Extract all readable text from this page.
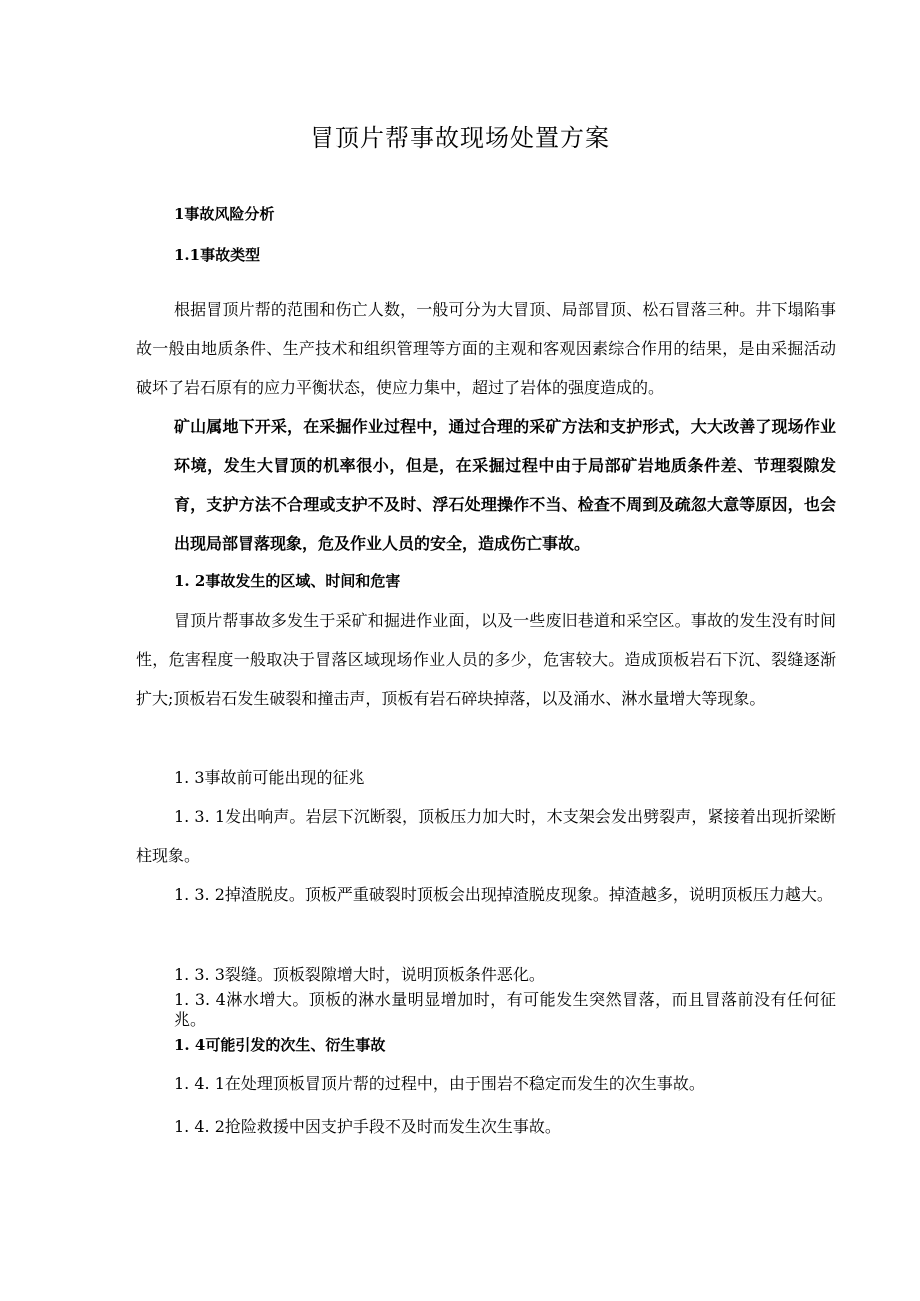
冒顶片帮事故现场处置方案
1事故风险分析
1.1事故类型
根据冒顶片帮的范围和伤亡人数，一般可分为大冒顶、局部冒顶、松石冒落三种。井下塌陷事故一般由地质条件、生产技术和组织管理等方面的主观和客观因素综合作用的结果，是由采掘活动破坏了岩石原有的应力平衡状态，使应力集中，超过了岩体的强度造成的。
矿山属地下开采，在采掘作业过程中，通过合理的采矿方法和支护形式，大大改善了现场作业环境，发生大冒顶的机率很小，但是，在采掘过程中由于局部矿岩地质条件差、节理裂隙发育，支护方法不合理或支护不及时、浮石处理操作不当、检查不周到及疏忽大意等原因，也会出现局部冒落现象，危及作业人员的安全，造成伤亡事故。
1. 2事故发生的区域、时间和危害
冒顶片帮事故多发生于采矿和掘进作业面，以及一些废旧巷道和采空区。事故的发生没有时间性，危害程度一般取决于冒落区域现场作业人员的多少，危害较大。造成顶板岩石下沉、裂缝逐渐扩大;顶板岩石发生破裂和撞击声，顶板有岩石碎块掉落，以及涌水、淋水量增大等现象。
1. 3事故前可能出现的征兆
1. 3. 1发出响声。岩层下沉断裂，顶板压力加大时，木支架会发出劈裂声，紧接着出现折梁断柱现象。
1. 3. 2掉渣脱皮。顶板严重破裂时顶板会出现掉渣脱皮现象。掉渣越多，说明顶板压力越大。
1. 3. 3裂缝。顶板裂隙增大时，说明顶板条件恶化。
1. 3. 4淋水增大。顶板的淋水量明显增加时，有可能发生突然冒落，而且冒落前没有任何征兆。
1. 4可能引发的次生、衍生事故
1. 4. 1在处理顶板冒顶片帮的过程中，由于围岩不稳定而发生的次生事故。
1. 4. 2抢险救援中因支护手段不及时而发生次生事故。
